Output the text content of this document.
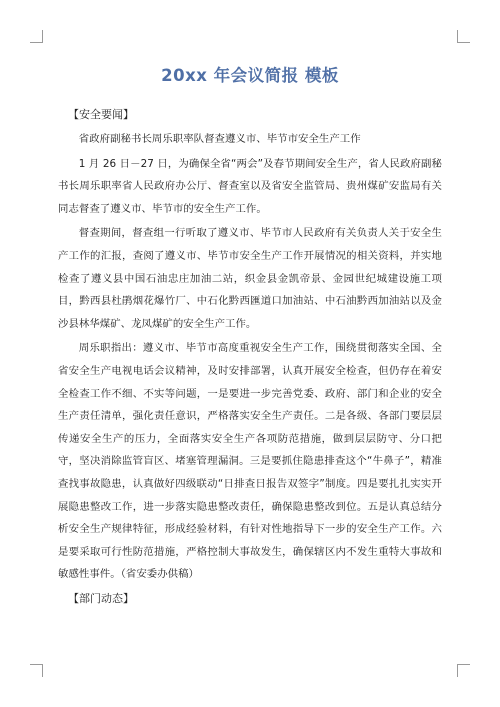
20xx 年会议简报 模板
【安全要闻】

省政府副秘书长周乐职率队督查遵义市、毕节市安全生产工作

1 月 26 日－27 日，为确保全省“两会”及春节期间安全生产，省人民政府副秘书长周乐职率省人民政府办公厅、督查室以及省安全监管局、贵州煤矿安监局有关同志督查了遵义市、毕节市的安全生产工作。

督查期间，督查组一行听取了遵义市、毕节市人民政府有关负责人关于安全生产工作的汇报，查阅了遵义市、毕节市安全生产工作开展情况的相关资料，并实地检查了遵义县中国石油忠庄加油二站，织金县金凯帝景、金园世纪城建设施工项目，黔西县杜鹃烟花爆竹厂、中石化黔西匯道口加油站、中石油黔西加油站以及金沙县林华煤矿、龙凤煤矿的安全生产工作。

周乐职指出：遵义市、毕节市高度重视安全生产工作，围绕贯彻落实全国、全省安全生产电视电话会议精神，及时安排部署，认真开展安全检查，但仍存在着安全检查工作不细、不实等问题，一是要进一步完善党委、政府、部门和企业的安全生产责任清单，强化责任意识，严格落实安全生产责任。二是各级、各部门要层层传递安全生产的压力，全面落实安全生产各项防范措施，做到层层防守、分口把守，坚决消除监管盲区、堵塞管理漏洞。三是要抓住隐患排查这个“牛鼻子”，精准查找事故隐患，认真做好四级联动“日排查日报告双签字”制度。四是要扎扎实实开展隐患整改工作，进一步落实隐患整改责任，确保隐患整改到位。五是认真总结分析安全生产规律特征，形成经验材料，有针对性地指导下一步的安全生产工作。六是要采取可行性防范措施，严格控制大事故发生，确保辖区内不发生重特大事故和敏感性事件。（省安委办供稿）

【部门动态】
